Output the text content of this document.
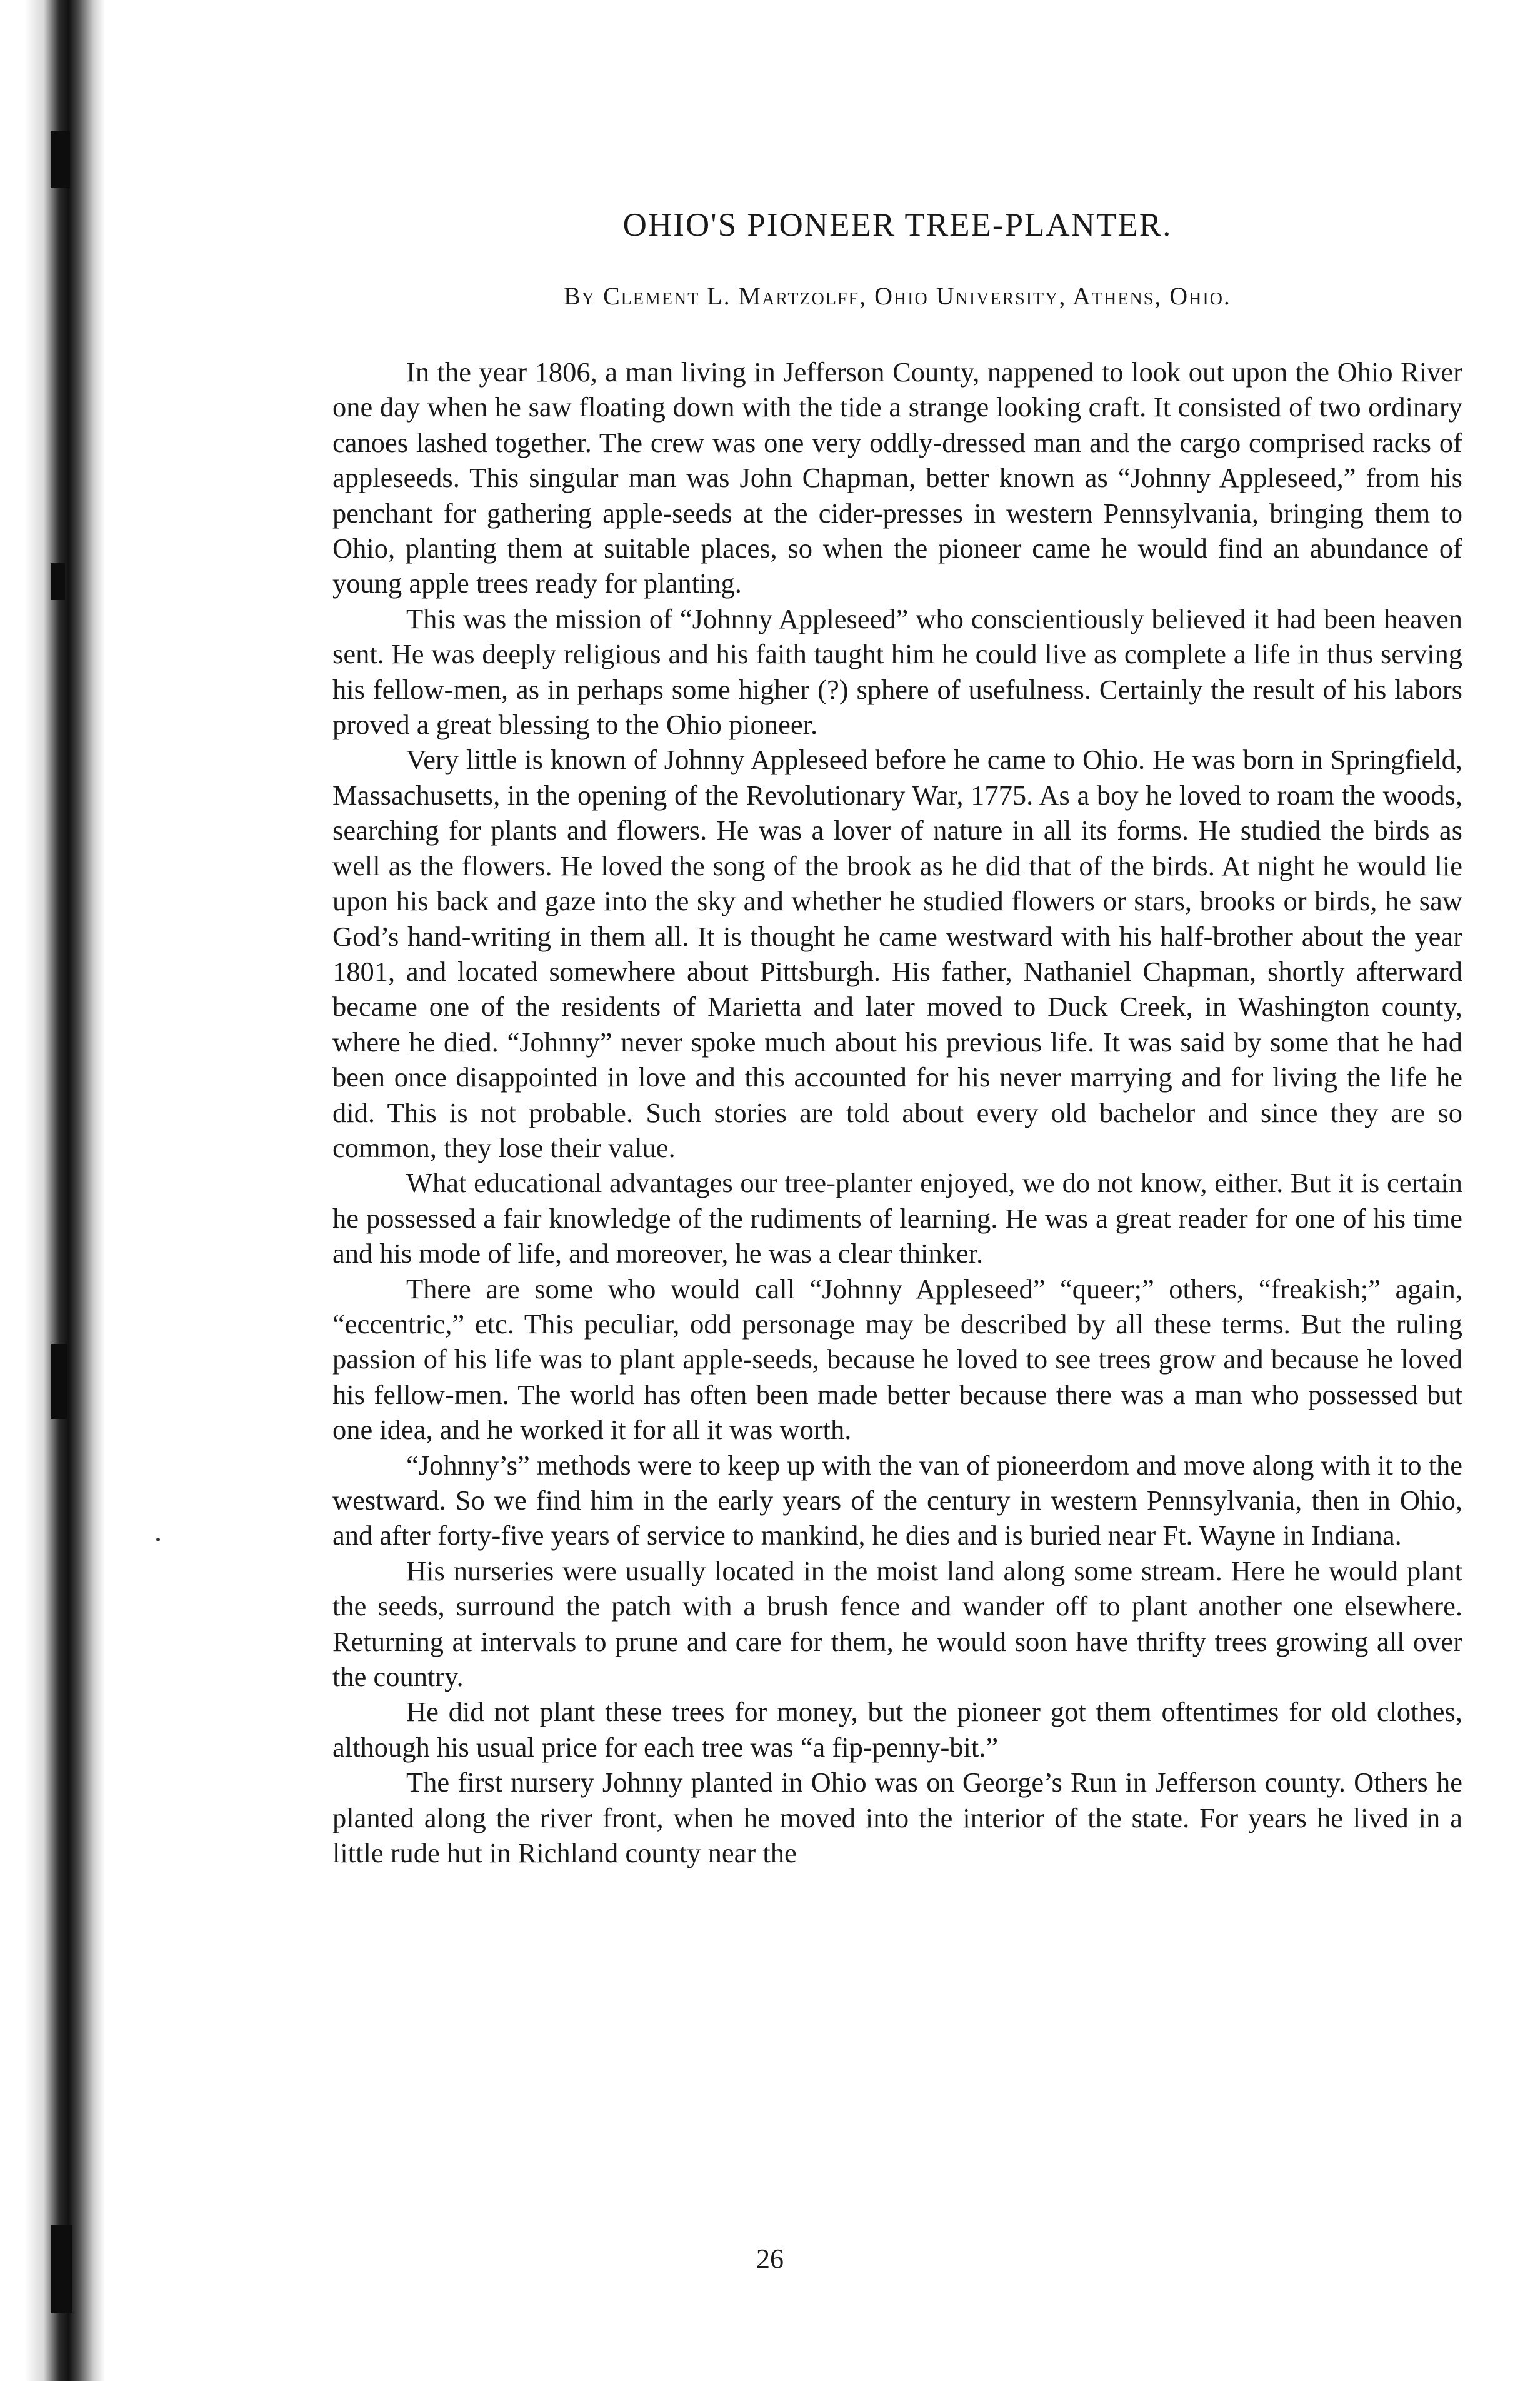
OHIO'S PIONEER TREE-PLANTER.
By Clement L. Martzolff, Ohio University, Athens, Ohio.

In the year 1806, a man living in Jefferson County, nappened to look out upon the Ohio River one day when he saw floating down with the tide a strange looking craft. It consisted of two ordinary canoes lashed together. The crew was one very oddly-dressed man and the cargo comprised racks of appleseeds. This singular man was John Chapman, better known as “Johnny Appleseed,” from his penchant for gathering apple-seeds at the cider-presses in western Pennsylvania, bringing them to Ohio, planting them at suitable places, so when the pioneer came he would find an abundance of young apple trees ready for planting.

This was the mission of “Johnny Appleseed” who conscientiously believed it had been heaven sent. He was deeply religious and his faith taught him he could live as complete a life in thus serving his fellow-men, as in perhaps some higher (?) sphere of usefulness. Certainly the result of his labors proved a great blessing to the Ohio pioneer.

Very little is known of Johnny Appleseed before he came to Ohio. He was born in Springfield, Massachusetts, in the opening of the Revolutionary War, 1775. As a boy he loved to roam the woods, searching for plants and flowers. He was a lover of nature in all its forms. He studied the birds as well as the flowers. He loved the song of the brook as he did that of the birds. At night he would lie upon his back and gaze into the sky and whether he studied flowers or stars, brooks or birds, he saw God’s hand-writing in them all. It is thought he came westward with his half-brother about the year 1801, and located somewhere about Pittsburgh. His father, Nathaniel Chapman, shortly afterward became one of the residents of Marietta and later moved to Duck Creek, in Washington county, where he died. “Johnny” never spoke much about his previous life. It was said by some that he had been once disappointed in love and this accounted for his never marrying and for living the life he did. This is not probable. Such stories are told about every old bachelor and since they are so common, they lose their value.

What educational advantages our tree-planter enjoyed, we do not know, either. But it is certain he possessed a fair knowledge of the rudiments of learning. He was a great reader for one of his time and his mode of life, and moreover, he was a clear thinker.

There are some who would call “Johnny Appleseed” “queer;” others, “freakish;” again, “eccentric,” etc. This peculiar, odd personage may be described by all these terms. But the ruling passion of his life was to plant apple-seeds, because he loved to see trees grow and because he loved his fellow-men. The world has often been made better because there was a man who possessed but one idea, and he worked it for all it was worth.

“Johnny’s” methods were to keep up with the van of pioneerdom and move along with it to the westward. So we find him in the early years of the century in western Pennsylvania, then in Ohio, and after forty-five years of service to mankind, he dies and is buried near Ft. Wayne in Indiana.

His nurseries were usually located in the moist land along some stream. Here he would plant the seeds, surround the patch with a brush fence and wander off to plant another one elsewhere. Returning at intervals to prune and care for them, he would soon have thrifty trees growing all over the country.

He did not plant these trees for money, but the pioneer got them oftentimes for old clothes, although his usual price for each tree was “a fip-penny-bit.”

The first nursery Johnny planted in Ohio was on George’s Run in Jefferson county. Others he planted along the river front, when he moved into the interior of the state. For years he lived in a little rude hut in Richland county near the

26
